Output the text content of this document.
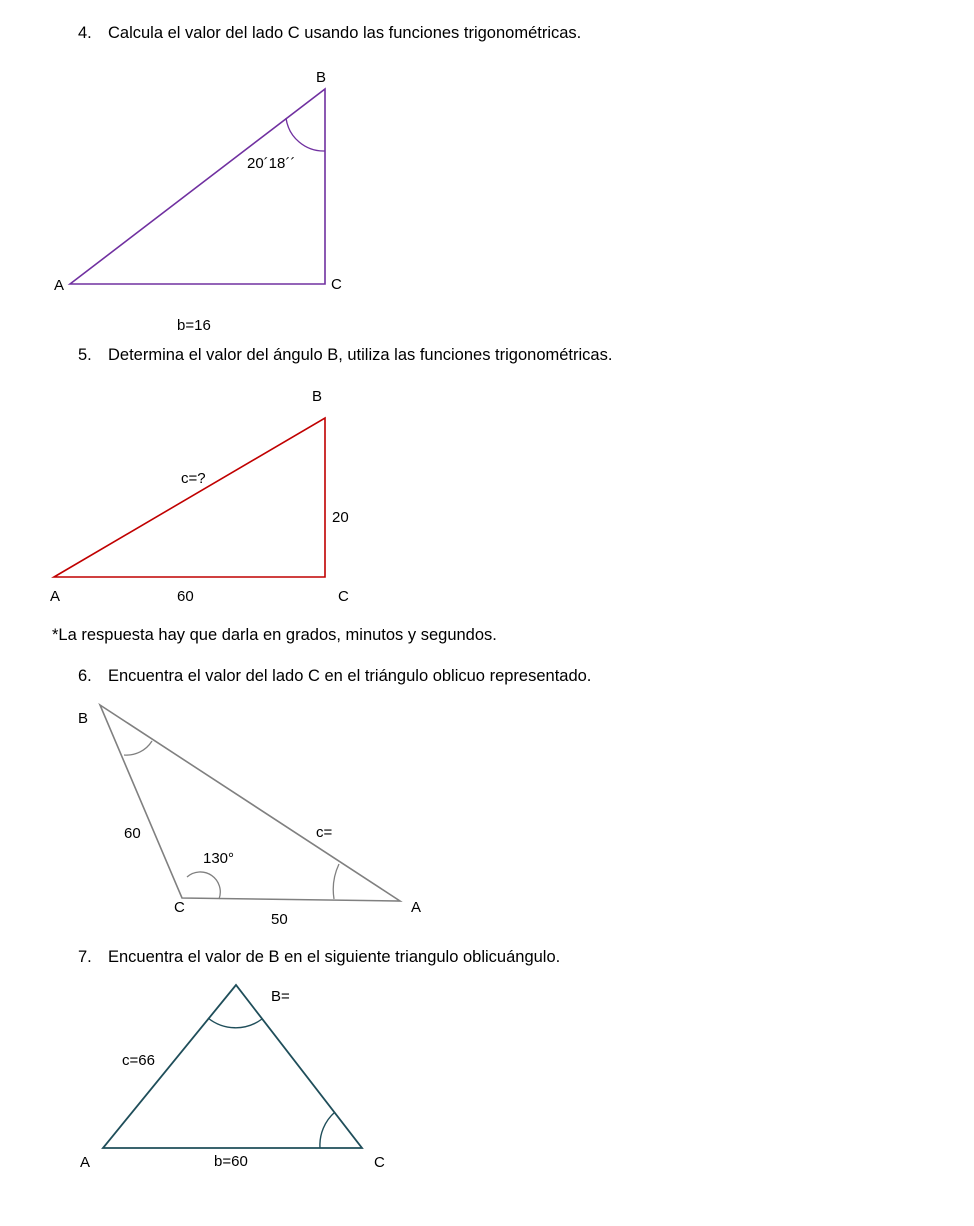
4. Calcula el valor del lado C usando las funciones trigonométricas.
B
20´18´´
A	C
b=16
5. Determina el valor del ángulo B, utiliza las funciones trigonométricas.
B
c=?
20
A	60	C
*La respuesta hay que darla en grados, minutos y segundos.
6. Encuentra el valor del lado C en el triángulo oblicuo representado.
B
60	c=
130°
C	A
50
7. Encuentra el valor de B en el siguiente triangulo oblicuángulo.
B=
c=66
A	b=60	C
